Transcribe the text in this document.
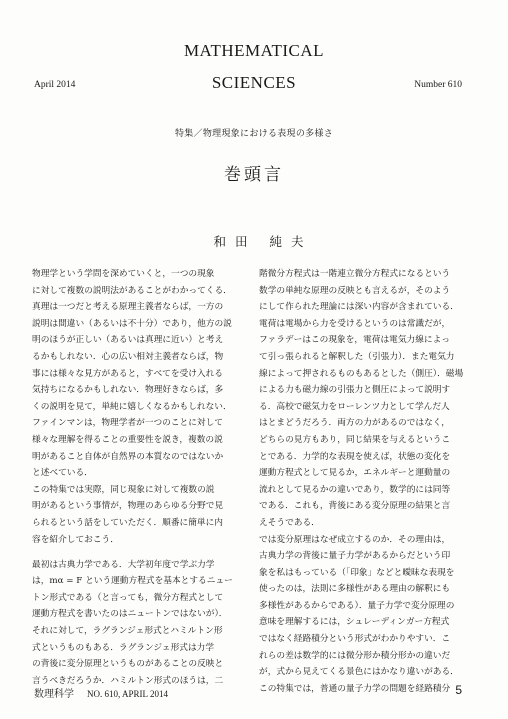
MATHEMATICAL
SCIENCES
April 2014	Number 610
特集／物理現象における表現の多様さ
巻頭言
和田 純夫

物理学という学問を深めていくと，一つの現象

に対して複数の説明法があることがわかってくる．

真理は一つだと考える原理主義者ならば，一方の

説明は間違い（あるいは不十分）であり，他方の説

明のほうが正しい（あるいは真理に近い）と考え

るかもしれない．心の広い相対主義者ならば，物

事には様々な見方があると，すべてを受け入れる

気持ちになるかもしれない．物理好きならば，多

くの説明を見て，単純に嬉しくなるかもしれない．

ファインマンは，物理学者が一つのことに対して

様々な理解を得ることの重要性を説き，複数の説

明があること自体が自然界の本質なのではないか

と述べている．

この特集では実際，同じ現象に対して複数の説

明があるという事情が，物理のあらゆる分野で見

られるという話をしていただく．順番に簡単に内

容を紹介しておこう．

最初は古典力学である．大学初年度で学ぶ力学

は，mα = F という運動方程式を基本とするニュー

トン形式である（と言っても，微分方程式として

運動方程式を書いたのはニュートンではないが）．

それに対して，ラグランジェ形式とハミルトン形

式というものもある．ラグランジェ形式は力学

の背後に変分原理というものがあることの反映と

言うべきだろうか．ハミルトン形式のほうは，二

階微分方程式は一階連立微分方程式になるという

数学の単純な原理の反映とも言えるが，そのよう

にして作られた理論には深い内容が含まれている．

電荷は電場から力を受けるというのは常識だが，

ファラデーはこの現象を，電荷は電気力線によっ

て引っ張られると解釈した（引張力）．また電気力

線によって押されるものもあるとした（側圧）．磁場

による力も磁力線の引張力と側圧によって説明す

る．高校で磁気力をローレンツ力として学んだ人

はとまどうだろう．両方の力があるのではなく，

どちらの見方もあり，同じ結果を与えるというこ

とである．力学的な表現を使えば，状態の変化を

運動方程式として見るか，エネルギーと運動量の

流れとして見るかの違いであり，数学的には同等

である．これも，背後にある変分原理の結果と言

えそうである．

では変分原理はなぜ成立するのか．その理由は，

古典力学の背後に量子力学があるからだという印

象を私はもっている（「印象」などと曖昧な表現を

使ったのは，法則に多様性がある理由の解釈にも

多様性があるからである）．量子力学で変分原理の

意味を理解するには，シュレーディンガー方程式

ではなく経路積分という形式がわかりやすい．こ

れらの差は数学的には微分形か積分形かの違いだ

が，式から見えてくる景色にはかなり違いがある．

この特集では，普通の量子力学の問題を経路積分

数理科学 NO. 610, APRIL 2014	5
